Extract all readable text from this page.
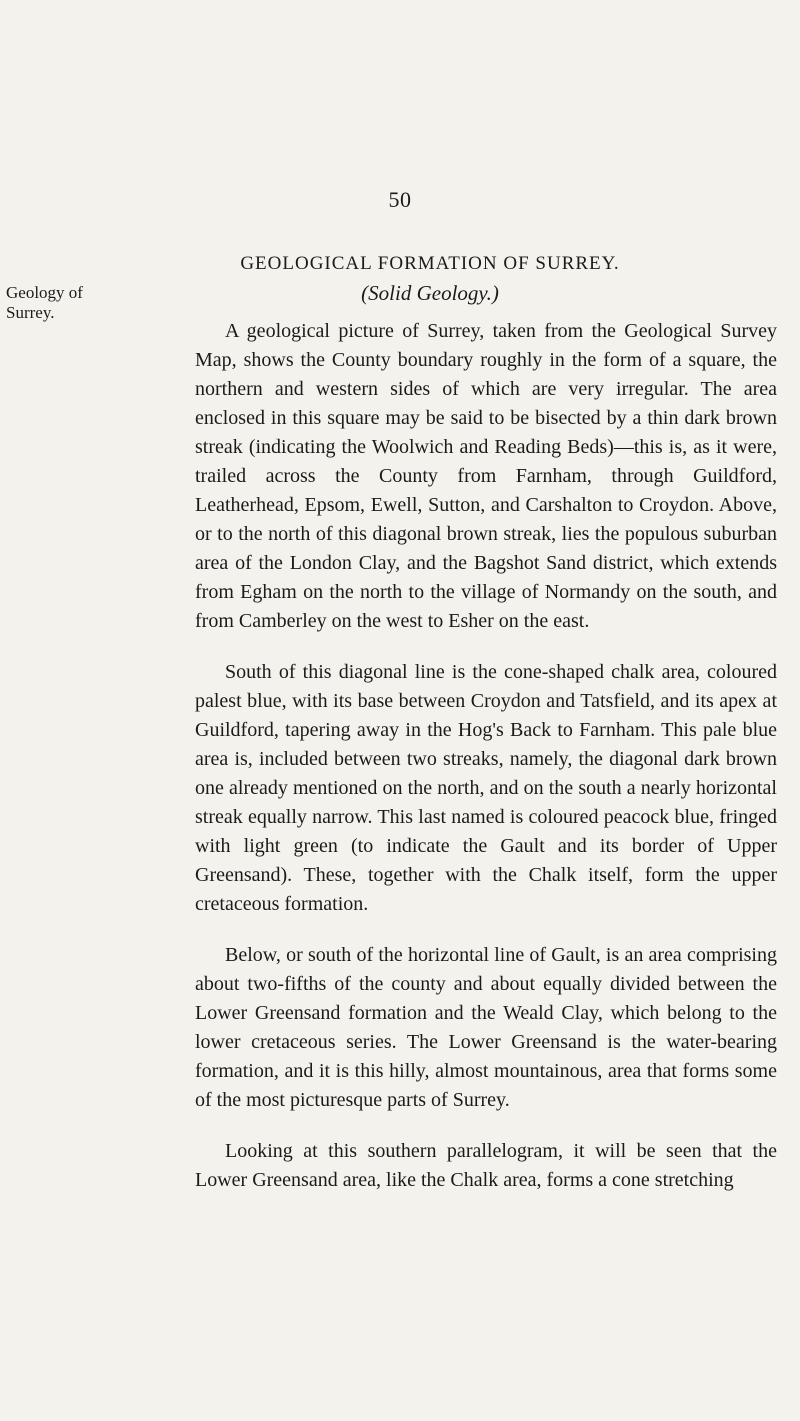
50
Geology of Surrey.
GEOLOGICAL FORMATION OF SURREY.
(Solid Geology.)

A geological picture of Surrey, taken from the Geological Survey Map, shows the County boundary roughly in the form of a square, the northern and western sides of which are very irregular. The area enclosed in this square may be said to be bisected by a thin dark brown streak (indicating the Woolwich and Reading Beds)—this is, as it were, trailed across the County from Farnham, through Guildford, Leatherhead, Epsom, Ewell, Sutton, and Carshalton to Croydon. Above, or to the north of this diagonal brown streak, lies the populous suburban area of the London Clay, and the Bagshot Sand district, which extends from Egham on the north to the village of Normandy on the south, and from Camberley on the west to Esher on the east.

South of this diagonal line is the cone-shaped chalk area, coloured palest blue, with its base between Croydon and Tatsfield, and its apex at Guildford, tapering away in the Hog's Back to Farnham. This pale blue area is, included between two streaks, namely, the diagonal dark brown one already mentioned on the north, and on the south a nearly horizontal streak equally narrow. This last named is coloured peacock blue, fringed with light green (to indicate the Gault and its border of Upper Greensand). These, together with the Chalk itself, form the upper cretaceous formation.

Below, or south of the horizontal line of Gault, is an area comprising about two-fifths of the county and about equally divided between the Lower Greensand formation and the Weald Clay, which belong to the lower cretaceous series. The Lower Greensand is the water-bearing formation, and it is this hilly, almost mountainous, area that forms some of the most picturesque parts of Surrey.

Looking at this southern parallelogram, it will be seen that the Lower Greensand area, like the Chalk area, forms a cone stretching
